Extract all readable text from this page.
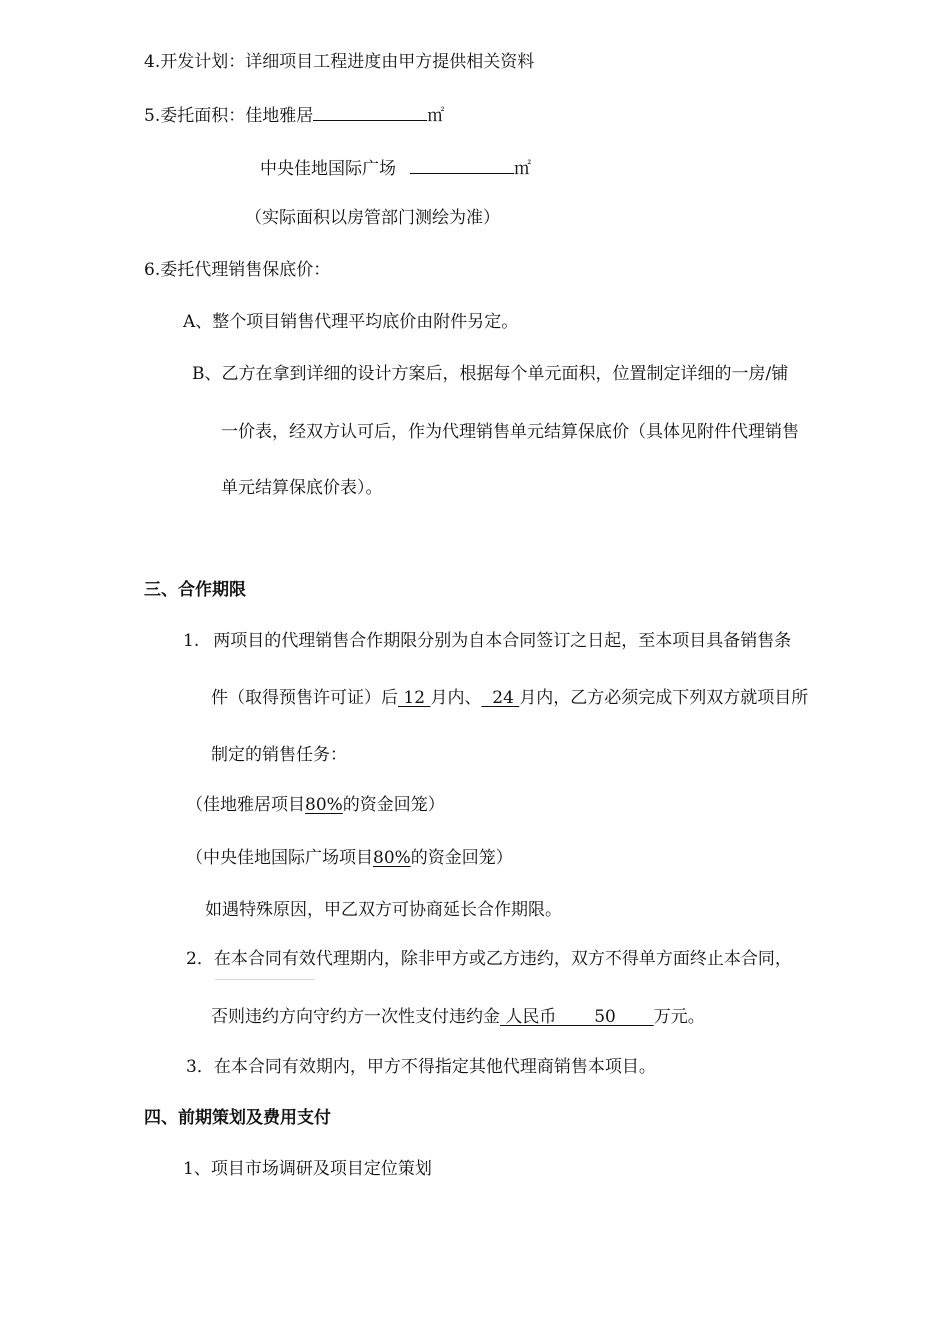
4.开发计划：详细项目工程进度由甲方提供相关资料
5.委托面积：佳地雅居	㎡
中央佳地国际广场	㎡
（实际面积以房管部门测绘为准）
6.委托代理销售保底价：
A、整个项目销售代理平均底价由附件另定。
B、乙方在拿到详细的设计方案后，根据每个单元面积，位置制定详细的一房/铺
一价表，经双方认可后，作为代理销售单元结算保底价（具体见附件代理销售
单元结算保底价表）。
三、合作期限
1. 两项目的代理销售合作期限分别为自本合同签订之日起，至本项目具备销售条
件（取得预售许可证）后 12 月内、 24 月内，乙方必须完成下列双方就项目所
制定的销售任务：
（佳地雅居项目80%的资金回笼）
（中央佳地国际广场项目80%的资金回笼）
如遇特殊原因，甲乙双方可协商延长合作期限。
2．在本合同有效代理期内，除非甲方或乙方违约，双方不得单方面终止本合同，
否则违约方向守约方一次性支付违约金 人民币 50 万元。
3．在本合同有效期内，甲方不得指定其他代理商销售本项目。
四、前期策划及费用支付
1、项目市场调研及项目定位策划
